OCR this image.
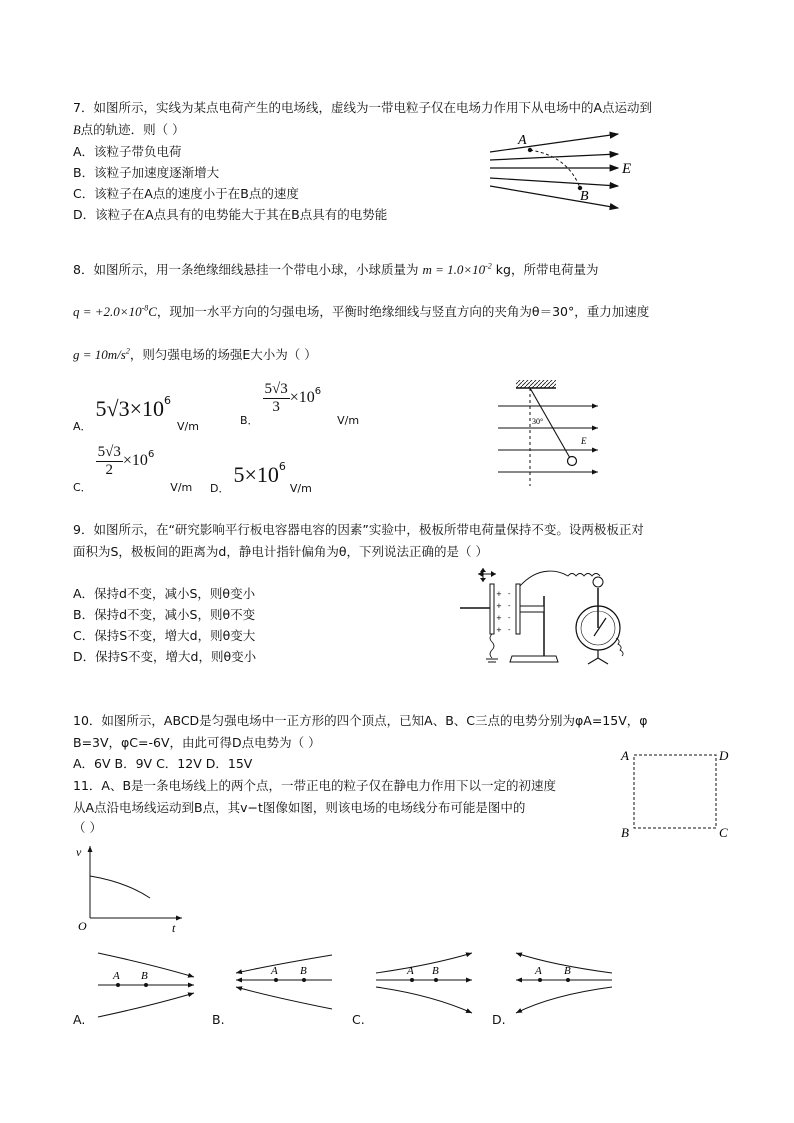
7．如图所示，实线为某点电荷产生的电场线，虚线为一带电粒子仅在电场力作用下从电场中的A点运动到
B点的轨迹．则（ ）
A．该粒子带负电荷
B．该粒子加速度逐渐增大
C．该粒子在A点的速度小于在B点的速度
D．该粒子在A点具有的电势能大于其在B点具有的电势能
A
B
E
8．如图所示，用一条绝缘细线悬挂一个带电小球，小球质量为 $m = 1.0\times 10^{-2}$ kg，所带电荷量为
$q = +2.0\times 10^{-8}C$，现加一水平方向的匀强电场，平衡时绝缘细线与竖直方向的夹角为θ＝30°，重力加速度
$g = 10m/s^2$，则匀强电场的场强E大小为（ ）
A． $5√3\times 10^6$ V/m	B．
$\frac{5√3}{3} \times 10^6$ V/m
C．
$\frac{5√3}{2} \times 10^6$ V/m D． $5\times 10^6$ V/m
30°
E
9．如图所示，在“研究影响平行板电容器电容的因素”实验中，极板所带电荷量保持不变。设两极板正对
面积为S，极板间的距离为d，静电计指针偏角为θ，下列说法正确的是（ ）
A．保持d不变，减小S，则θ变小
B．保持d不变，减小S，则θ不变
C．保持S不变，增大d，则θ变大
D．保持S不变，增大d，则θ变小
+
+
+
+
-
-
-
-
10．如图所示，ABCD是匀强电场中一正方形的四个顶点，已知A、B、C三点的电势分别为φA=15V，φ
B=3V，φC=-6V，由此可得D点电势为（ ）
A．6V B．9V C．12V D．15V
A	D
B	C
11．A、B是一条电场线上的两个点，一带正电的粒子仅在静电力作用下以一定的初速度
从A点沿电场线运动到B点，其v−t图像如图，则该电场的电场线分布可能是图中的
（ ）
v
O	t
A B
A.
A B
B.
A B
C.
A B
D.
